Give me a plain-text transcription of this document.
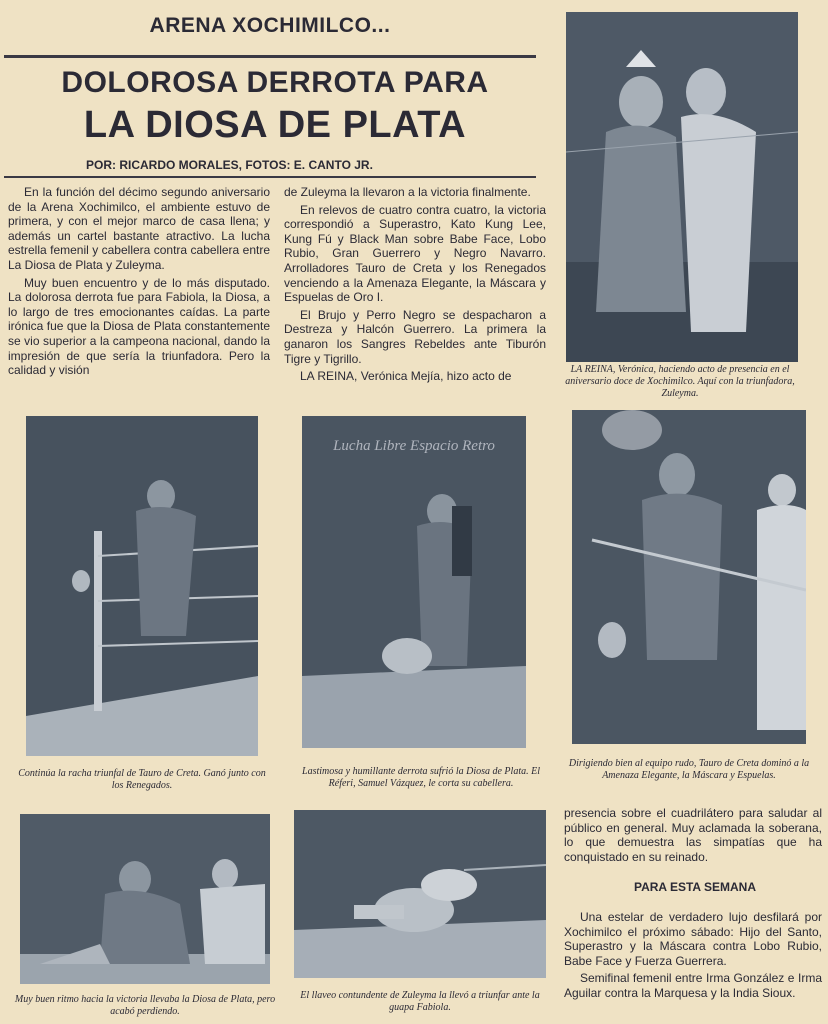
ARENA XOCHIMILCO...
DOLOROSA DERROTA PARA
LA DIOSA DE PLATA
POR: RICARDO MORALES, FOTOS: E. CANTO JR.

En la función del décimo segundo aniversario de la Arena Xochimilco, el ambiente estuvo de primera, y con el mejor marco de casa llena; y además un cartel bastante atractivo. La lucha estrella femenil y cabellera contra cabellera entre La Diosa de Plata y Zuleyma.

Muy buen encuentro y de lo más disputado. La dolorosa derrota fue para Fabiola, la Diosa, a lo largo de tres emocionantes caídas. La parte irónica fue que la Diosa de Plata constantemente se vio superior a la campeona nacional, dando la impresión de que sería la triunfadora. Pero la calidad y visión

de Zuleyma la llevaron a la victoria finalmente.

En relevos de cuatro contra cuatro, la victoria correspondió a Superastro, Kato Kung Lee, Kung Fú y Black Man sobre Babe Face, Lobo Rubio, Gran Guerrero y Negro Navarro. Arrolladores Tauro de Creta y los Renegados venciendo a la Amenaza Elegante, la Máscara y Espuelas de Oro I.

El Brujo y Perro Negro se despacharon a Destreza y Halcón Guerrero. La primera la ganaron los Sangres Rebeldes ante Tiburón Tigre y Tigrillo.

LA REINA, Verónica Mejía, hizo acto de	LA REINA, Verónica, haciendo acto de presencia en el aniversario doce de Xochimilco. Aquí con la triunfadora, Zuleyma.
Continúa la racha triunfal de Tauro de Creta. Ganó junto con los Renegados.
Lucha Libre Espacio Retro
Lastimosa y humillante derrota sufrió la Diosa de Plata. El Réferi, Samuel Vázquez, le corta su cabellera.
Dirigiendo bien al equipo rudo, Tauro de Creta dominó a la Amenaza Elegante, la Máscara y Espuelas.
Muy buen ritmo hacia la victoria llevaba la Diosa de Plata, pero acabó perdiendo.
El llaveo contundente de Zuleyma la llevó a triunfar ante la guapa Fabiola.

presencia sobre el cuadrilátero para saludar al público en general. Muy aclamada la soberana, lo que demuestra las simpatías que ha conquistado en su reinado.

PARA ESTA SEMANA

Una estelar de verdadero lujo desfilará por Xochimilco el próximo sábado: Hijo del Santo, Superastro y la Máscara contra Lobo Rubio, Babe Face y Fuerza Guerrera.

Semifinal femenil entre Irma González e Irma Aguilar contra la Marquesa y la India Sioux.
